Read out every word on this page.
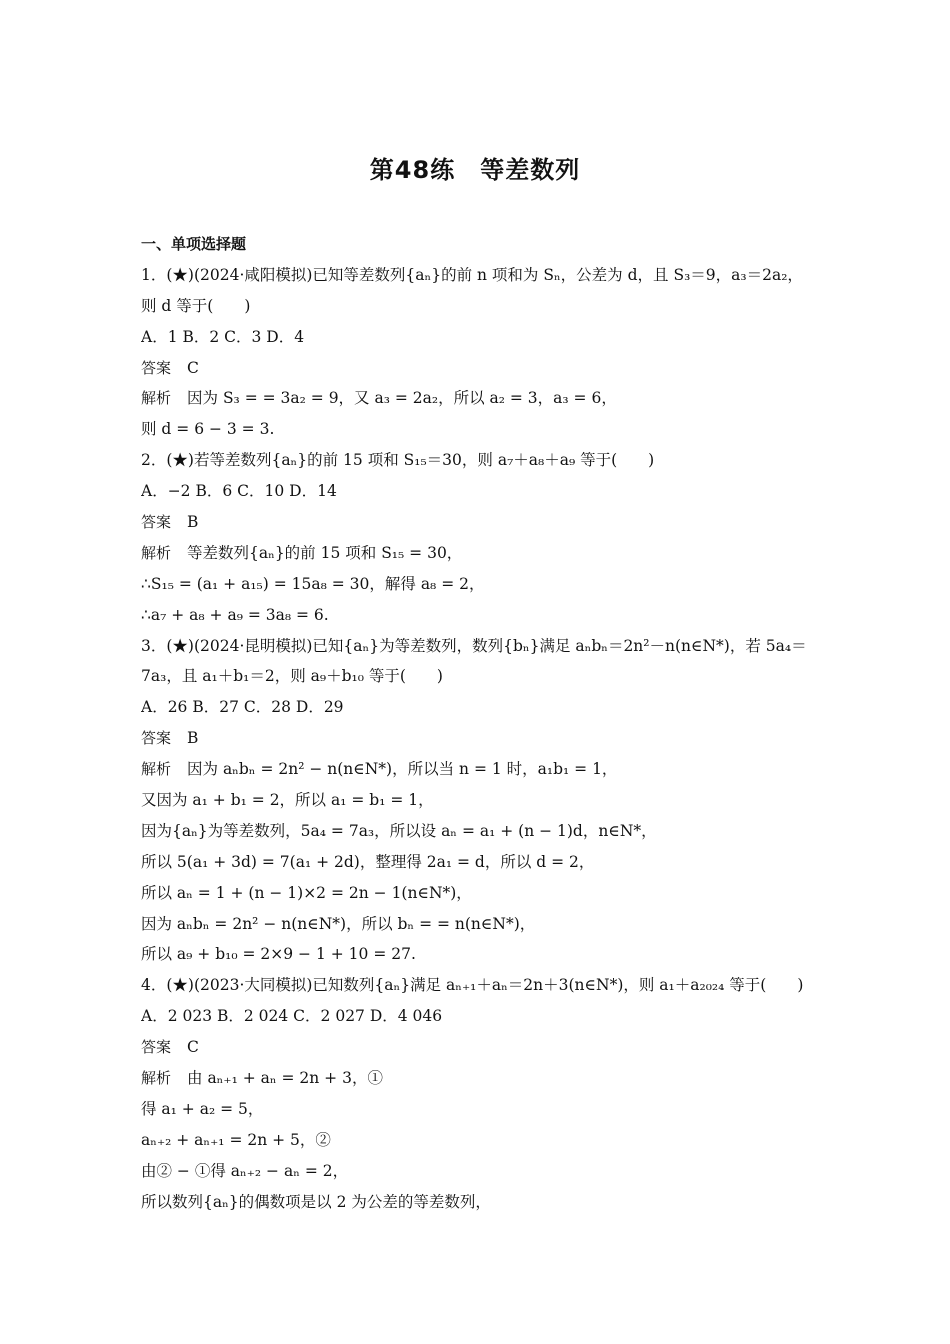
第48练　等差数列
一、单项选择题
1．(★)(2024·咸阳模拟)已知等差数列{aₙ}的前 n 项和为 Sₙ，公差为 d，且 S₃＝9，a₃＝2a₂，
则 d 等于(　　)
A．1 B．2 C．3 D．4
答案 C
解析 因为 S₃ = = 3a₂ = 9，又 a₃ = 2a₂，所以 a₂ = 3，a₃ = 6，
则 d = 6 − 3 = 3.
2．(★)若等差数列{aₙ}的前 15 项和 S₁₅＝30，则 a₇＋a₈＋a₉ 等于(　　)
A．−2 B．6 C．10 D．14
答案 B
解析 等差数列{aₙ}的前 15 项和 S₁₅ = 30，
∴S₁₅ = (a₁ + a₁₅) = 15a₈ = 30，解得 a₈ = 2，
∴a₇ + a₈ + a₉ = 3a₈ = 6.
3．(★)(2024·昆明模拟)已知{aₙ}为等差数列，数列{bₙ}满足 aₙbₙ＝2n²－n(n∈N*)，若 5a₄＝
7a₃，且 a₁＋b₁＝2，则 a₉＋b₁₀ 等于(　　)
A．26 B．27 C．28 D．29
答案 B
解析 因为 aₙbₙ = 2n² − n(n∈N*)，所以当 n = 1 时，a₁b₁ = 1，
又因为 a₁ + b₁ = 2，所以 a₁ = b₁ = 1，
因为{aₙ}为等差数列，5a₄ = 7a₃，所以设 aₙ = a₁ + (n − 1)d，n∈N*，
所以 5(a₁ + 3d) = 7(a₁ + 2d)，整理得 2a₁ = d，所以 d = 2，
所以 aₙ = 1 + (n − 1)×2 = 2n − 1(n∈N*)，
因为 aₙbₙ = 2n² − n(n∈N*)，所以 bₙ = = n(n∈N*)，
所以 a₉ + b₁₀ = 2×9 − 1 + 10 = 27.
4．(★)(2023·大同模拟)已知数列{aₙ}满足 aₙ₊₁＋aₙ＝2n＋3(n∈N*)，则 a₁＋a₂₀₂₄ 等于(　　)
A．2 023 B．2 024 C．2 027 D．4 046
答案 C
解析 由 aₙ₊₁ + aₙ = 2n + 3，①
得 a₁ + a₂ = 5，
aₙ₊₂ + aₙ₊₁ = 2n + 5，②
由② − ①得 aₙ₊₂ − aₙ = 2，
所以数列{aₙ}的偶数项是以 2 为公差的等差数列，
